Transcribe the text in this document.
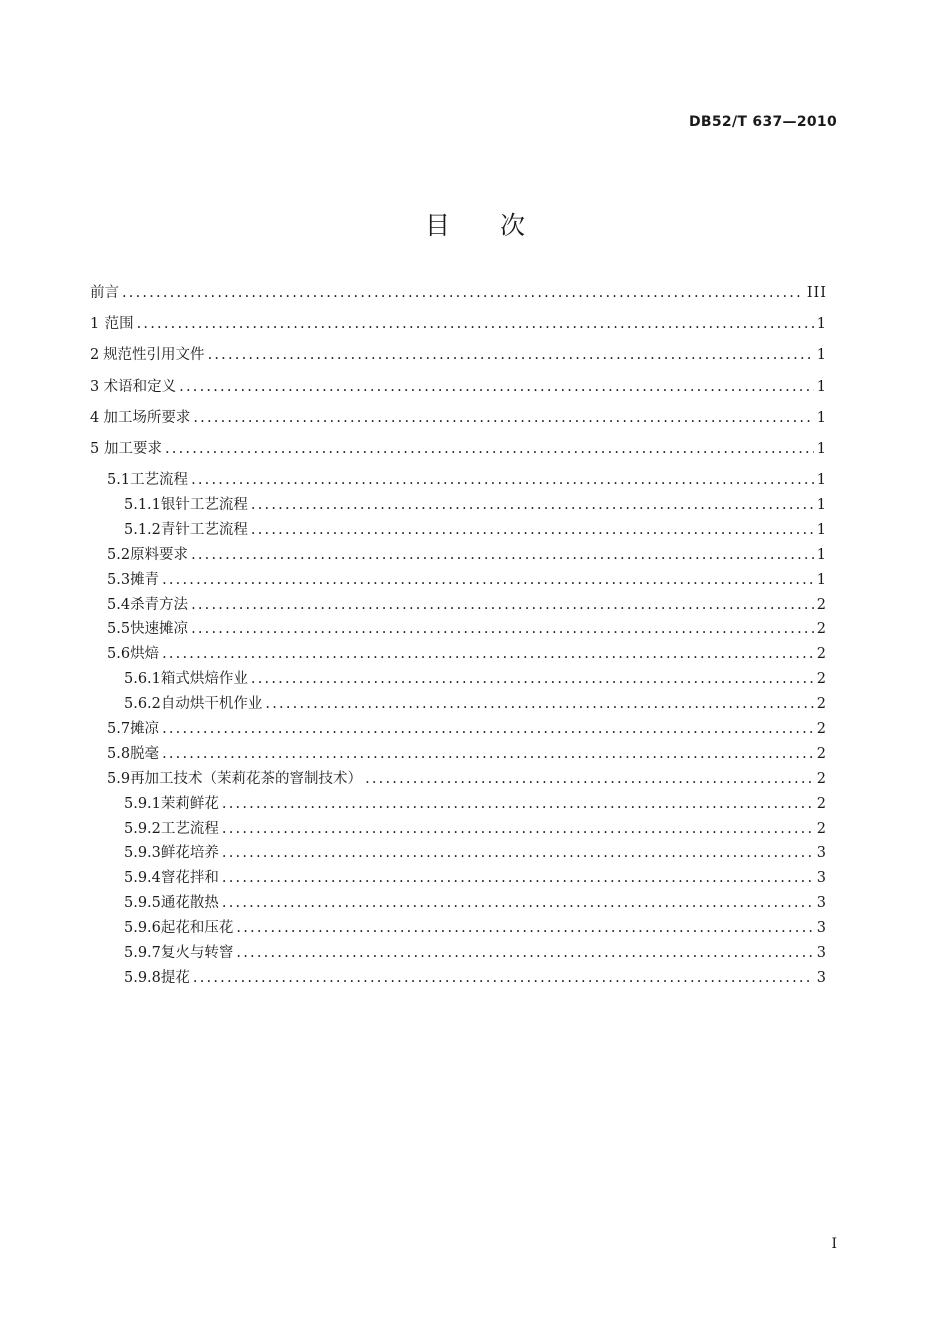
DB52/T 637—2010
目次
前言 .....	III
1 范围 .....	1
2 规范性引用文件 .....	1
3 术语和定义 .....	1
4 加工场所要求 .....	1
5 加工要求 .....	1
5.1 工艺流程 .....	1
5.1.1 银针工艺流程 .....	1
5.1.2 青针工艺流程 .....	1
5.2 原料要求 .....	1
5.3 摊青 .....	1
5.4 杀青方法 .....	2
5.5 快速摊凉 .....	2
5.6 烘焙 .....	2
5.6.1 箱式烘焙作业 .....	2
5.6.2 自动烘干机作业 .....	2
5.7 摊凉 .....	2
5.8 脱毫 .....	2
5.9 再加工技术（茉莉花茶的窨制技术） .....	2
5.9.1 茉莉鲜花 .....	2
5.9.2 工艺流程 .....	2
5.9.3 鲜花培养 .....	3
5.9.4 窨花拌和 .....	3
5.9.5 通花散热 .....	3
5.9.6 起花和压花 .....	3
5.9.7 复火与转窨 .....	3
5.9.8 提花 .....	3
I
